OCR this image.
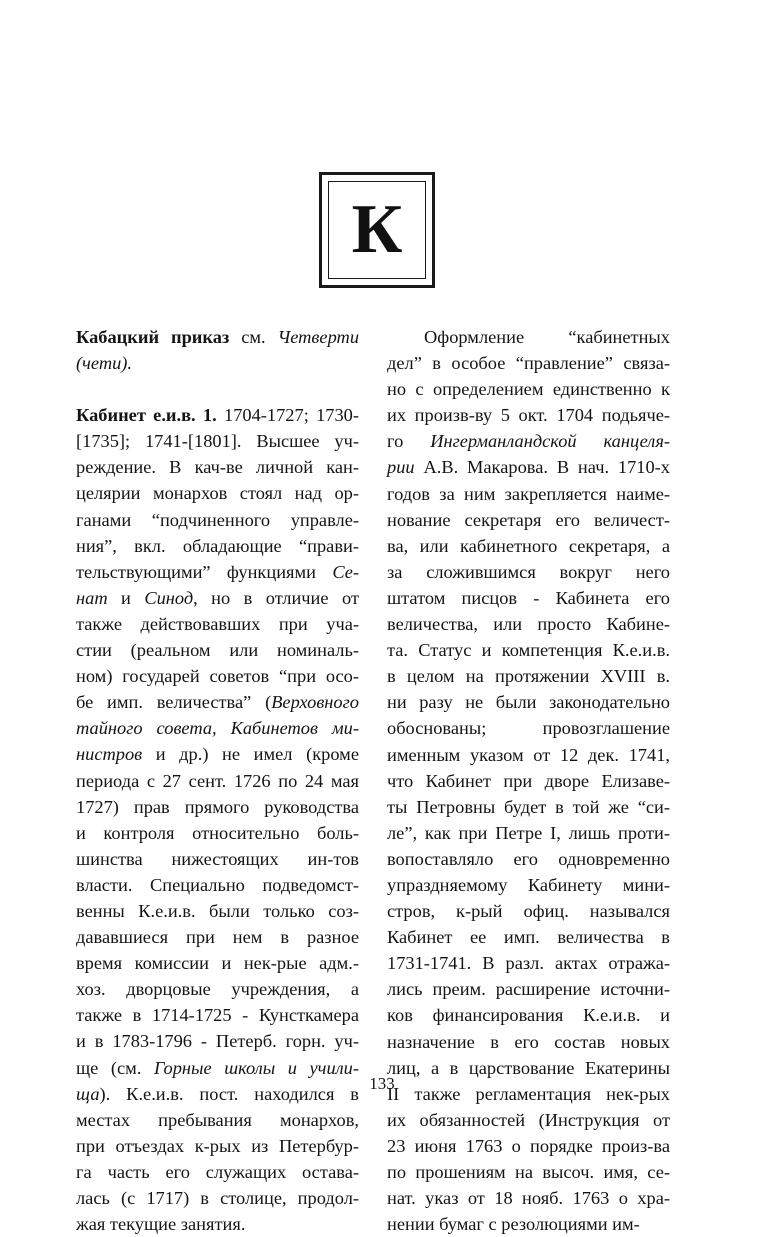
К
Кабацкий приказ см. Четверти
(чети).
Кабинет е.и.в. 1. 1704-1727; 1730-
[1735]; 1741-[1801]. Высшее уч-
реждение. В кач-ве личной кан-
целярии монархов стоял над ор-
ганами “подчиненного управле-
ния”, вкл. обладающие “прави-
тельствующими” функциями Се-
нат и Синод, но в отличие от
также действовавших при уча-
стии (реальном или номиналь-
ном) государей советов “при осо-
бе имп. величества” (Верховного
тайного совета, Кабинетов ми-
нистров и др.) не имел (кроме
периода с 27 сент. 1726 по 24 мая
1727) прав прямого руководства
и контроля относительно боль-
шинства нижестоящих ин-тов
власти. Специально подведомст-
венны К.е.и.в. были только соз-
дававшиеся при нем в разное
время комиссии и нек-рые адм.-
хоз. дворцовые учреждения, а
также в 1714-1725 - Кунсткамера
и в 1783-1796 - Петерб. горн. уч-
ще (см. Горные школы и учили-
ща). К.е.и.в. пост. находился в
местах пребывания монархов,
при отъездах к-рых из Петербур-
га часть его служащих остава-
лась (с 1717) в столице, продол-
жая текущие занятия.
Оформление “кабинетных
дел” в особое “правление” связа-
но с определением единственно к
их произв-ву 5 окт. 1704 подьяче-
го Ингерманландской канцеля-
рии А.В. Макарова. В нач. 1710-х
годов за ним закрепляется наиме-
нование секретаря его величест-
ва, или кабинетного секретаря, а
за сложившимся вокруг него
штатом писцов - Кабинета его
величества, или просто Кабине-
та. Статус и компетенция К.е.и.в.
в целом на протяжении XVIII в.
ни разу не были законодательно
обоснованы; провозглашение
именным указом от 12 дек. 1741,
что Кабинет при дворе Елизаве-
ты Петровны будет в той же “си-
ле”, как при Петре I, лишь проти-
вопоставляло его одновременно
упраздняемому Кабинету мини-
стров, к-рый офиц. назывался
Кабинет ее имп. величества в
1731-1741. В разл. актах отража-
лись преим. расширение источни-
ков финансирования К.е.и.в. и
назначение в его состав новых
лиц, а в царствование Екатерины
II также регламентация нек-рых
их обязанностей (Инструкция от
23 июня 1763 о порядке произ-ва
по прошениям на высоч. имя, се-
нат. указ от 18 нояб. 1763 о хра-
нении бумаг с резолюциями им-
133
